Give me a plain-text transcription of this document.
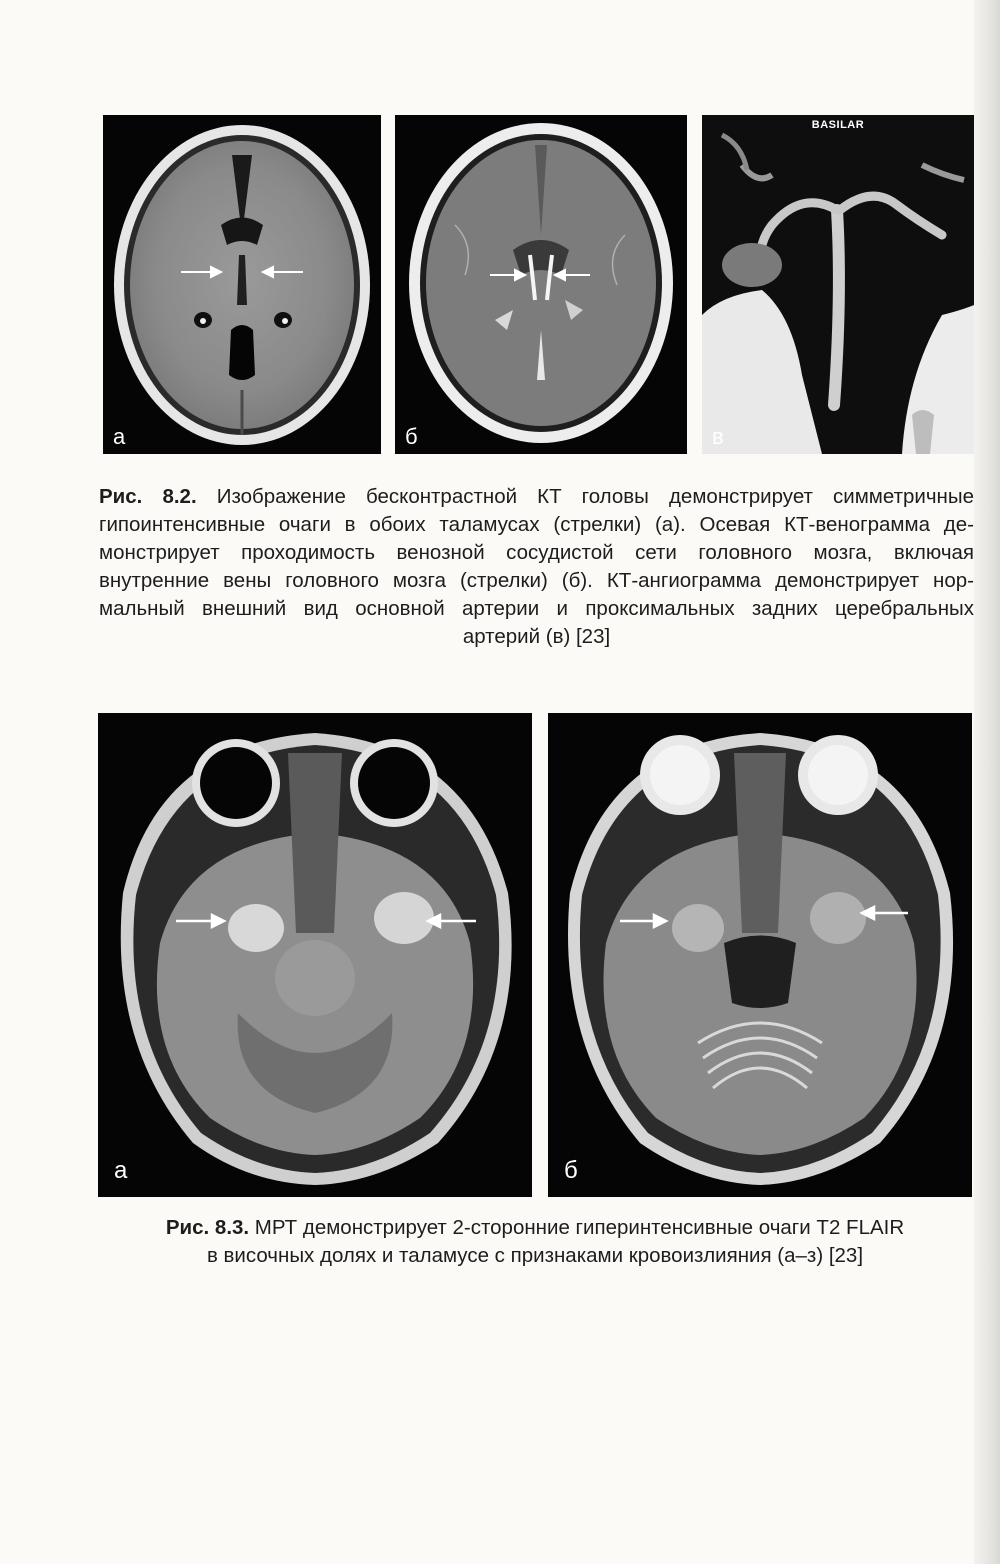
а	б
BASILAR
в
Рис. 8.2. Изображение бесконтрастной КТ головы демонстрирует симметричные
гипоинтенсивные очаги в обоих таламусах (стрелки) (а). Осевая КТ-венограмма де-
монстрирует проходимость венозной сосудистой сети головного мозга, включая
внутренние вены головного мозга (стрелки) (б). КТ-ангиограмма демонстрирует нор-
мальный внешний вид основной артерии и проксимальных задних церебральных
артерий (в) [23]
а	б
Рис. 8.3. МРТ демонстрирует 2-сторонние гиперинтенсивные очаги T2 FLAIR
в височных долях и таламусе с признаками кровоизлияния (а–з) [23]
